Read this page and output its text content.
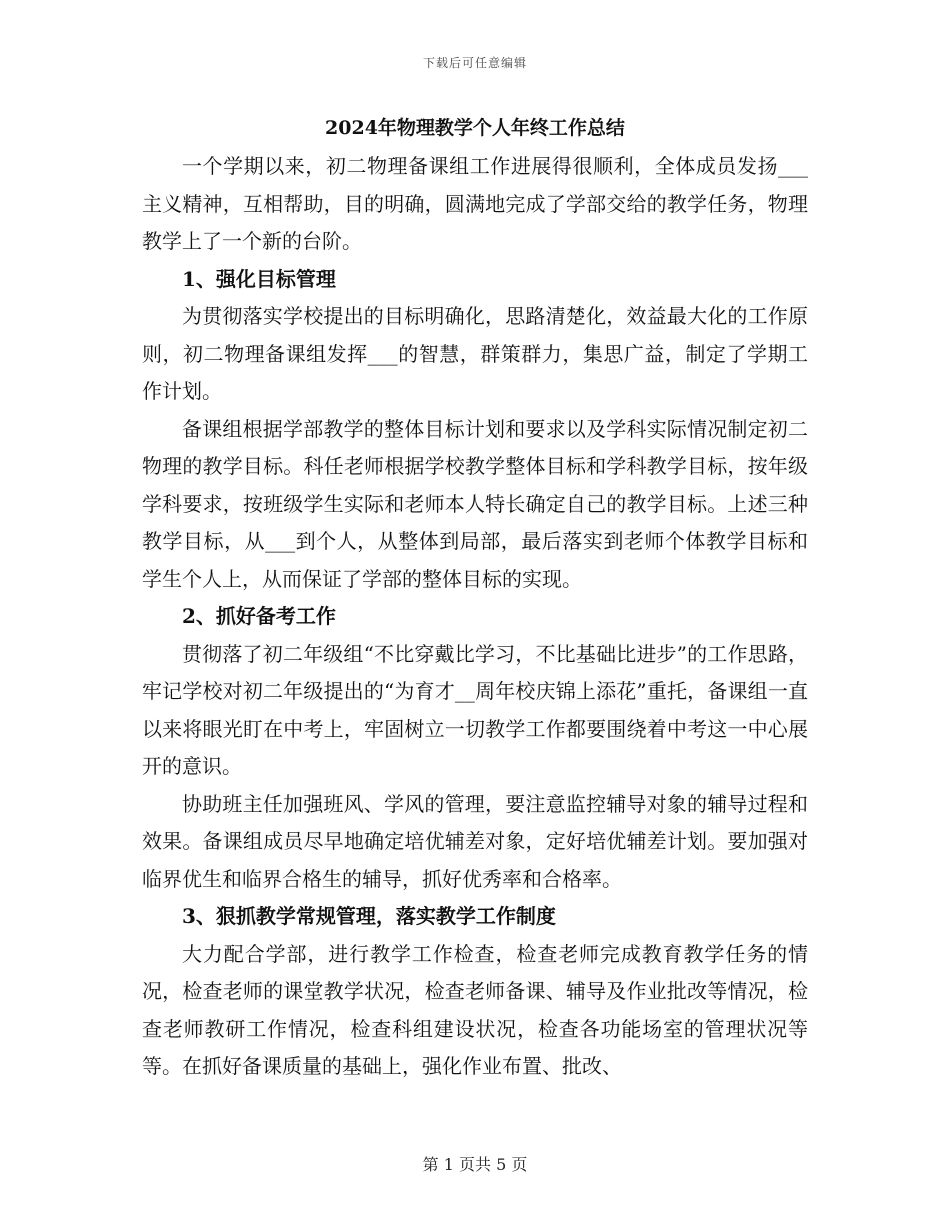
下载后可任意编辑
2024年物理教学个人年终工作总结

一个学期以来，初二物理备课组工作进展得很顺利，全体成员发扬___主义精神，互相帮助，目的明确，圆满地完成了学部交给的教学任务，物理教学上了一个新的台阶。

1、强化目标管理

为贯彻落实学校提出的目标明确化，思路清楚化，效益最大化的工作原则，初二物理备课组发挥___的智慧，群策群力，集思广益，制定了学期工作计划。

备课组根据学部教学的整体目标计划和要求以及学科实际情况制定初二物理的教学目标。科任老师根据学校教学整体目标和学科教学目标，按年级学科要求，按班级学生实际和老师本人特长确定自己的教学目标。上述三种教学目标，从___到个人，从整体到局部，最后落实到老师个体教学目标和学生个人上，从而保证了学部的整体目标的实现。

2、抓好备考工作

贯彻落了初二年级组“不比穿戴比学习，不比基础比进步”的工作思路，牢记学校对初二年级提出的“为育才__周年校庆锦上添花”重托，备课组一直以来将眼光盯在中考上，牢固树立一切教学工作都要围绕着中考这一中心展开的意识。

协助班主任加强班风、学风的管理，要注意监控辅导对象的辅导过程和效果。备课组成员尽早地确定培优辅差对象，定好培优辅差计划。要加强对临界优生和临界合格生的辅导，抓好优秀率和合格率。

3、狠抓教学常规管理，落实教学工作制度

大力配合学部，进行教学工作检查，检查老师完成教育教学任务的情况，检查老师的课堂教学状况，检查老师备课、辅导及作业批改等情况，检查老师教研工作情况，检查科组建设状况，检查各功能场室的管理状况等等。在抓好备课质量的基础上，强化作业布置、批改、

第 1 页共 5 页
